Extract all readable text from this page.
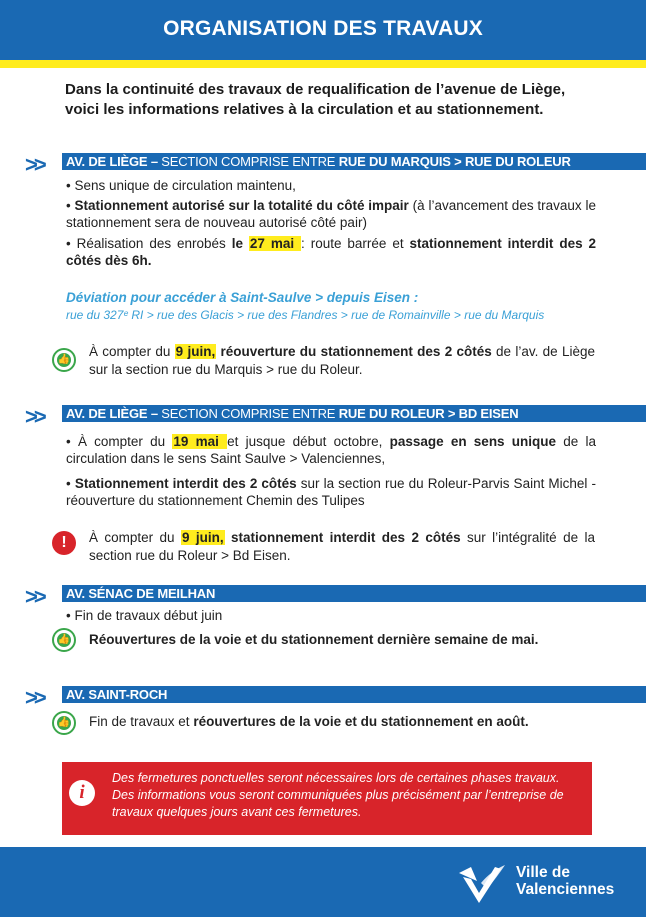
ORGANISATION DES TRAVAUX
Dans la continuité des travaux de requalification de l’avenue de Liège,
voici les informations relatives à la circulation et au stationnement.
>>	AV. DE LIÈGE – SECTION COMPRISE ENTRE RUE DU MARQUIS > RUE DU ROLEUR
• Sens unique de circulation maintenu,
• Stationnement autorisé sur la totalité du côté impair (à l’avancement des travaux le stationnement sera de nouveau autorisé côté pair)
• Réalisation des enrobés le 27 mai : route barrée et stationnement interdit des 2 côtés dès 6h.
Déviation pour accéder à Saint-Saulve > depuis Eisen :
rue du 327ᵉ RI > rue des Glacis > rue des Flandres > rue de Romainville > rue du Marquis
👍
À compter du 9 juin, réouverture du stationnement des 2 côtés de l’av. de Liège sur la section rue du Marquis > rue du Roleur.
>>	AV. DE LIÈGE – SECTION COMPRISE ENTRE RUE DU ROLEUR > BD EISEN
• À compter du 19 mai et jusque début octobre, passage en sens unique de la circulation dans le sens Saint Saulve > Valenciennes,
• Stationnement interdit des 2 côtés sur la section rue du Roleur-Parvis Saint Michel - réouverture du stationnement Chemin des Tulipes
!	À compter du 9 juin, stationnement interdit des 2 côtés sur l’intégralité de la section rue du Roleur > Bd Eisen.
>>	AV. SÉNAC DE MEILHAN
• Fin de travaux début juin
👍 Réouvertures de la voie et du stationnement dernière semaine de mai.
>>	AV. SAINT-ROCH
👍 Fin de travaux et réouvertures de la voie et du stationnement en août.
i
Des fermetures ponctuelles seront nécessaires lors de certaines phases travaux. Des informations vous seront communiquées plus précisément par l’entreprise de travaux quelques jours avant ces fermetures.
Ville de
Valenciennes
